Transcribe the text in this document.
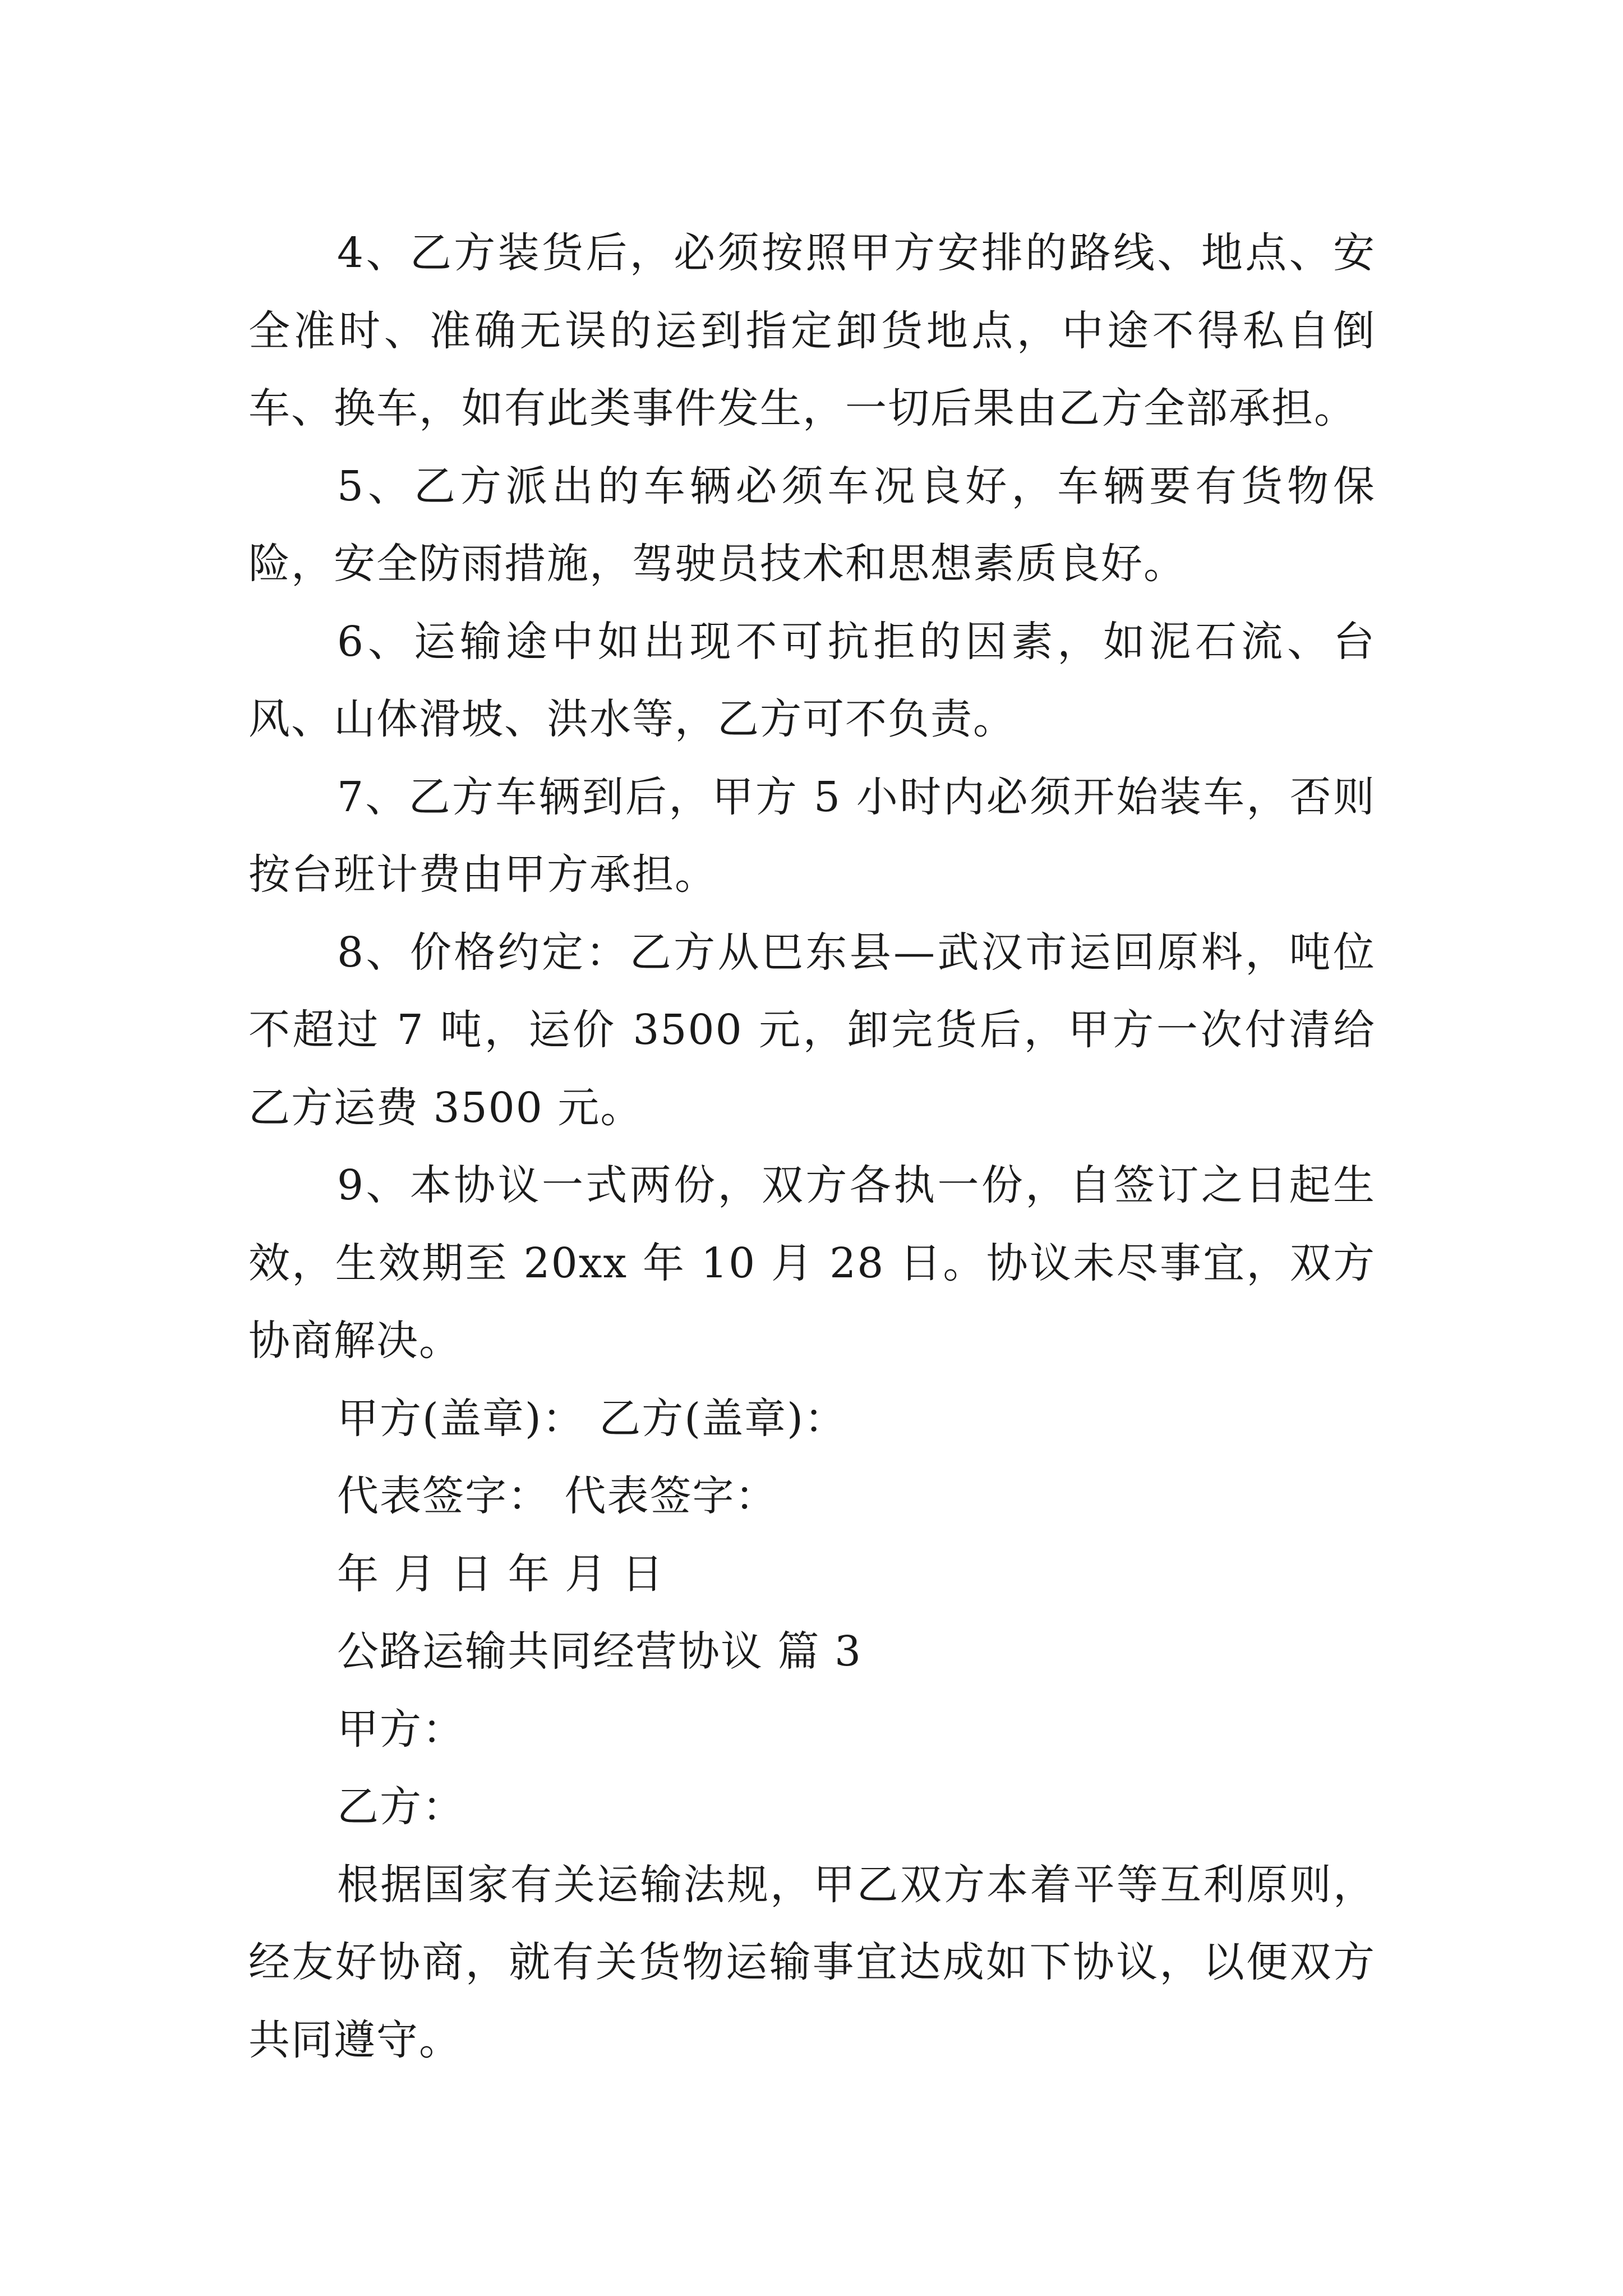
4、乙方装货后，必须按照甲方安排的路线、地点、安全准时、准确无误的运到指定卸货地点，中途不得私自倒车、换车，如有此类事件发生，一切后果由乙方全部承担。

5、乙方派出的车辆必须车况良好，车辆要有货物保险，安全防雨措施，驾驶员技术和思想素质良好。

6、运输途中如出现不可抗拒的因素，如泥石流、台风、山体滑坡、洪水等，乙方可不负责。

7、乙方车辆到后，甲方 5 小时内必须开始装车，否则按台班计费由甲方承担。

8、价格约定：乙方从巴东县—武汉市运回原料，吨位不超过 7 吨，运价 3500 元，卸完货后，甲方一次付清给乙方运费 3500 元。

9、本协议一式两份，双方各执一份，自签订之日起生效，生效期至 20xx 年 10 月 28 日。协议未尽事宜，双方协商解决。

甲方(盖章)： 乙方(盖章)：

代表签字： 代表签字：

年 月 日 年 月 日

公路运输共同经营协议 篇 3

甲方：

乙方：

根据国家有关运输法规，甲乙双方本着平等互利原则，经友好协商，就有关货物运输事宜达成如下协议，以便双方共同遵守。
